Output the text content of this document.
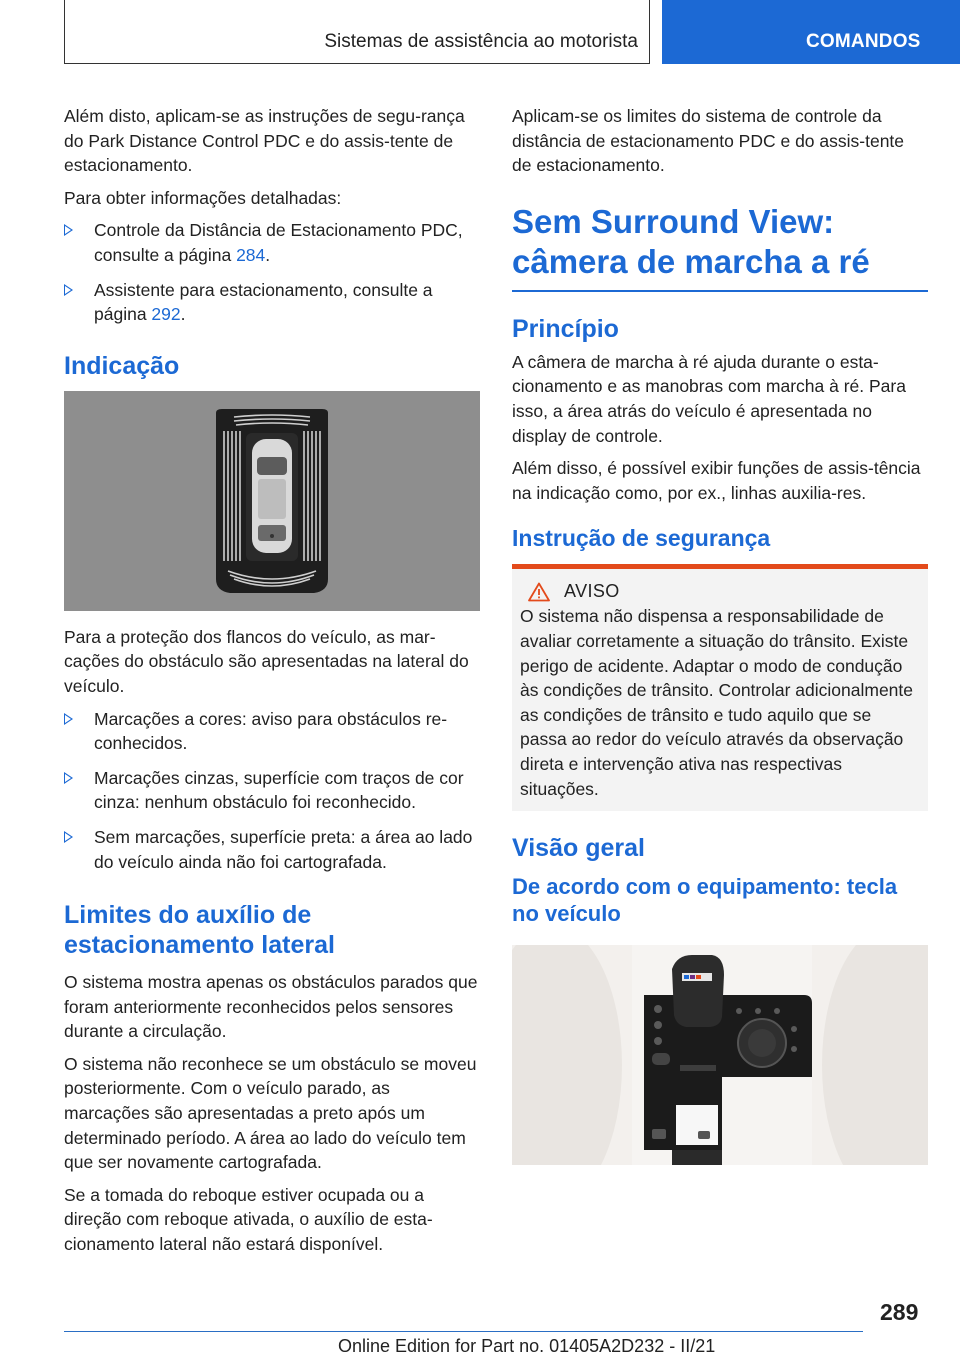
Sistemas de assistência ao motorista	COMANDOS

Além disto, aplicam-se as instruções de segu-rança do Park Distance Control PDC e do assis-tente de estacionamento.

Para obter informações detalhadas:

Controle da Distância de Estacionamento PDC, consulte a página 284.
Assistente para estacionamento, consulte a página 292.
Indicação

Para a proteção dos flancos do veículo, as mar-cações do obstáculo são apresentadas na lateral do veículo.

Marcações a cores: aviso para obstáculos re-conhecidos.
Marcações cinzas, superfície com traços de cor cinza: nenhum obstáculo foi reconhecido.
Sem marcações, superfície preta: a área ao lado do veículo ainda não foi cartografada.
Limites do auxílio de estacionamento lateral

O sistema mostra apenas os obstáculos parados que foram anteriormente reconhecidos pelos sensores durante a circulação.

O sistema não reconhece se um obstáculo se moveu posteriormente. Com o veículo parado, as marcações são apresentadas a preto após um determinado período. A área ao lado do veículo tem que ser novamente cartografada.

Se a tomada do reboque estiver ocupada ou a direção com reboque ativada, o auxílio de esta-cionamento lateral não estará disponível.

Aplicam-se os limites do sistema de controle da distância de estacionamento PDC e do assis-tente de estacionamento.

Sem Surround View: câmera de marcha a ré
Princípio

A câmera de marcha à ré ajuda durante o esta-cionamento e as manobras com marcha à ré. Para isso, a área atrás do veículo é apresentada no display de controle.

Além disso, é possível exibir funções de assis-tência na indicação como, por ex., linhas auxilia-res.

Instrução de segurança
AVISO

O sistema não dispensa a responsabilidade de avaliar corretamente a situação do trânsito. Existe perigo de acidente. Adaptar o modo de condução às condições de trânsito. Controlar adicionalmente as condições de trânsito e tudo aquilo que se passa ao redor do veículo através da observação direta e intervenção ativa nas respectivas situações.

Visão geral
De acordo com o equipamento: tecla no veículo
289
Online Edition for Part no. 01405A2D232 - II/21
